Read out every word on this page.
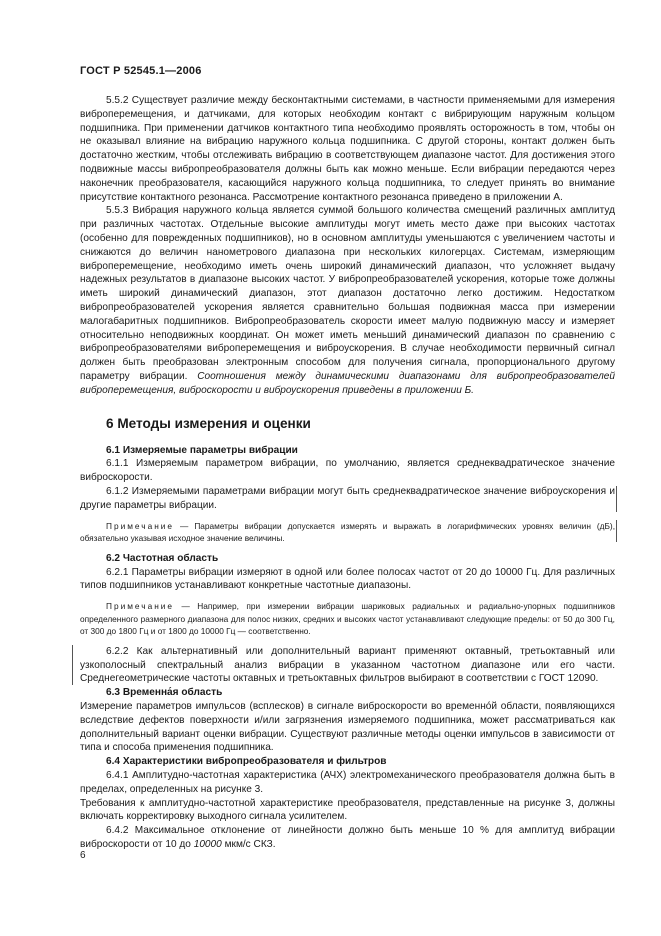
ГОСТ Р 52545.1—2006

5.5.2 Существует различие между бесконтактными системами, в частности применяемыми для измерения виброперемещения, и датчиками, для которых необходим контакт с вибрирующим наружным кольцом подшипника. При применении датчиков контактного типа необходимо проявлять осторожность в том, чтобы он не оказывал влияние на вибрацию наружного кольца подшипника. С другой стороны, контакт должен быть достаточно жестким, чтобы отслеживать вибрацию в соответствующем диапазоне частот. Для достижения этого подвижные массы вибропреобразователя должны быть как можно меньше. Если вибрации передаются через наконечник преобразователя, касающийся наружного кольца подшипника, то следует принять во внимание присутствие контактного резонанса. Рассмотрение контактного резонанса приведено в приложении А.

5.5.3 Вибрация наружного кольца является суммой большого количества смещений различных амплитуд при различных частотах. Отдельные высокие амплитуды могут иметь место даже при высоких частотах (особенно для поврежденных подшипников), но в основном амплитуды уменьшаются с увеличением частоты и снижаются до величин нанометрового диапазона при нескольких килогерцах. Системам, измеряющим виброперемещение, необходимо иметь очень широкий динамический диапазон, что усложняет выдачу надежных результатов в диапазоне высоких частот. У вибропреобразователей ускорения, которые тоже должны иметь широкий динамический диапазон, этот диапазон достаточно легко достижим. Недостатком вибропреобразователей ускорения является сравнительно большая подвижная масса при измерении малогабаритных подшипников. Вибропреобразователь скорости имеет малую подвижную массу и измеряет относительно неподвижных координат. Он может иметь меньший динамический диапазон по сравнению с вибропреобразователями виброперемещения и виброускорения. В случае необходимости первичный сигнал должен быть преобразован электронным способом для получения сигнала, пропорционального другому параметру вибрации. Соотношения между динамическими диапазонами для вибропреобразователей виброперемещения, виброскорости и виброускорения приведены в приложении Б.

6 Методы измерения и оценки

6.1 Измеряемые параметры вибрации

6.1.1 Измеряемым параметром вибрации, по умолчанию, является среднеквадратическое значение виброскорости.

6.1.2 Измеряемыми параметрами вибрации могут быть среднеквадратическое значение виброускорения и другие параметры вибрации.

Примечание — Параметры вибрации допускается измерять и выражать в логарифмических уровнях величин (дБ), обязательно указывая исходное значение величины.

6.2 Частотная область

6.2.1 Параметры вибрации измеряют в одной или более полосах частот от 20 до 10000 Гц. Для различных типов подшипников устанавливают конкретные частотные диапазоны.

Примечание — Например, при измерении вибрации шариковых радиальных и радиально-упорных подшипников определенного размерного диапазона для полос низких, средних и высоких частот устанавливают следующие пределы: от 50 до 300 Гц, от 300 до 1800 Гц и от 1800 до 10000 Гц — соответственно.

6.2.2 Как альтернативный или дополнительный вариант применяют октавный, третьоктавный или узкополосный спектральный анализ вибрации в указанном частотном диапазоне или его части. Среднегеометрические частоты октавных и третьоктавных фильтров выбирают в соответствии с ГОСТ 12090.

6.3 Временна́я область

Измерение параметров импульсов (всплесков) в сигнале виброскорости во временно́й области, появляющихся вследствие дефектов поверхности и/или загрязнения измеряемого подшипника, может рассматриваться как дополнительный вариант оценки вибрации. Существуют различные методы оценки импульсов в зависимости от типа и способа применения подшипника.

6.4 Характеристики вибропреобразователя и фильтров

6.4.1 Амплитудно-частотная характеристика (АЧХ) электромеханического преобразователя должна быть в пределах, определенных на рисунке 3.

Требования к амплитудно-частотной характеристике преобразователя, представленные на рисунке 3, должны включать корректировку выходного сигнала усилителем.

6.4.2 Максимальное отклонение от линейности должно быть меньше 10 % для амплитуд вибрации виброскорости от 10 до 10000 мкм/с СКЗ.

6
